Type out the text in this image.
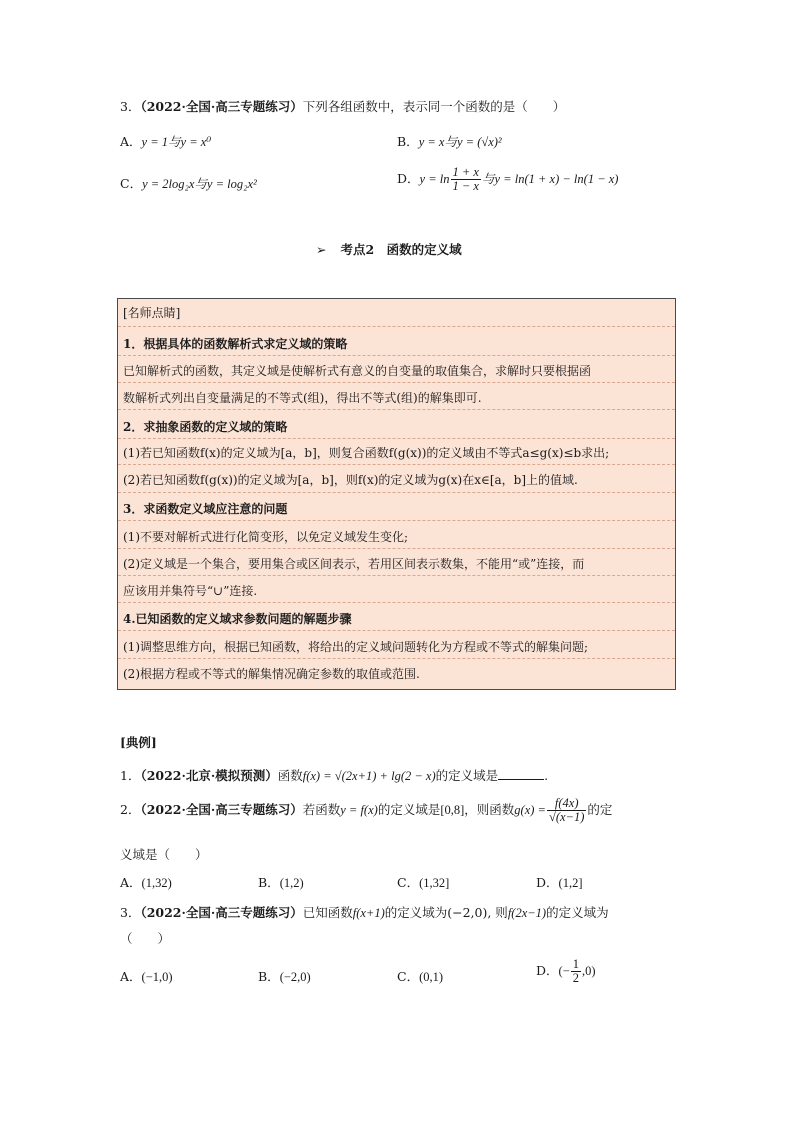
3．（2022·全国·高三专题练习）下列各组函数中，表示同一个函数的是（　　）
A．y = 1与y = x⁰	B．y = x与y = (√x)²
C．y = 2log₂x与y = log₂x²	D．$y = \ln \frac{1 + x}{1 - x}$ 与y = ln(1 + x) − ln(1 − x)
➢ 考点2　函数的定义域
[名师点睛]
1．根据具体的函数解析式求定义域的策略
已知解析式的函数，其定义域是使解析式有意义的自变量的取值集合，求解时只要根据函
数解析式列出自变量满足的不等式(组)，得出不等式(组)的解集即可.
2．求抽象函数的定义域的策略
(1)若已知函数f(x)的定义域为[a，b]，则复合函数f(g(x))的定义域由不等式a≤g(x)≤b求出;
(2)若已知函数f(g(x))的定义域为[a，b]，则f(x)的定义域为g(x)在x∈[a，b]上的值域.
3．求函数定义域应注意的问题
(1)不要对解析式进行化简变形，以免定义域发生变化;
(2)定义域是一个集合，要用集合或区间表示，若用区间表示数集，不能用“或”连接，而
应该用并集符号“∪”连接.
4.已知函数的定义域求参数问题的解题步骤
(1)调整思维方向，根据已知函数，将给出的定义域问题转化为方程或不等式的解集问题;
(2)根据方程或不等式的解集情况确定参数的取值或范围.
[典例]
1．（2022·北京·模拟预测）函数f(x) = √(2x+1) + lg(2 − x)的定义域是	.
2．（2022·全国·高三专题练习）若函数y = f(x)的定义域是[0,8]，则函数$g(x) = \frac{f(4x)}{√(x-1)}$ 的定
义域是（　　）
A．(1,32)	B．(1,2)	C．(1,32]	D．(1,2]
3．（2022·全国·高三专题练习）已知函数f(x+1)的定义域为(−2,0), 则f(2x−1)的定义域为
（　　）
A．(−1,0)	B．(−2,0)	C．(0,1)	D．(− $\frac{1}{2} ,0$)
